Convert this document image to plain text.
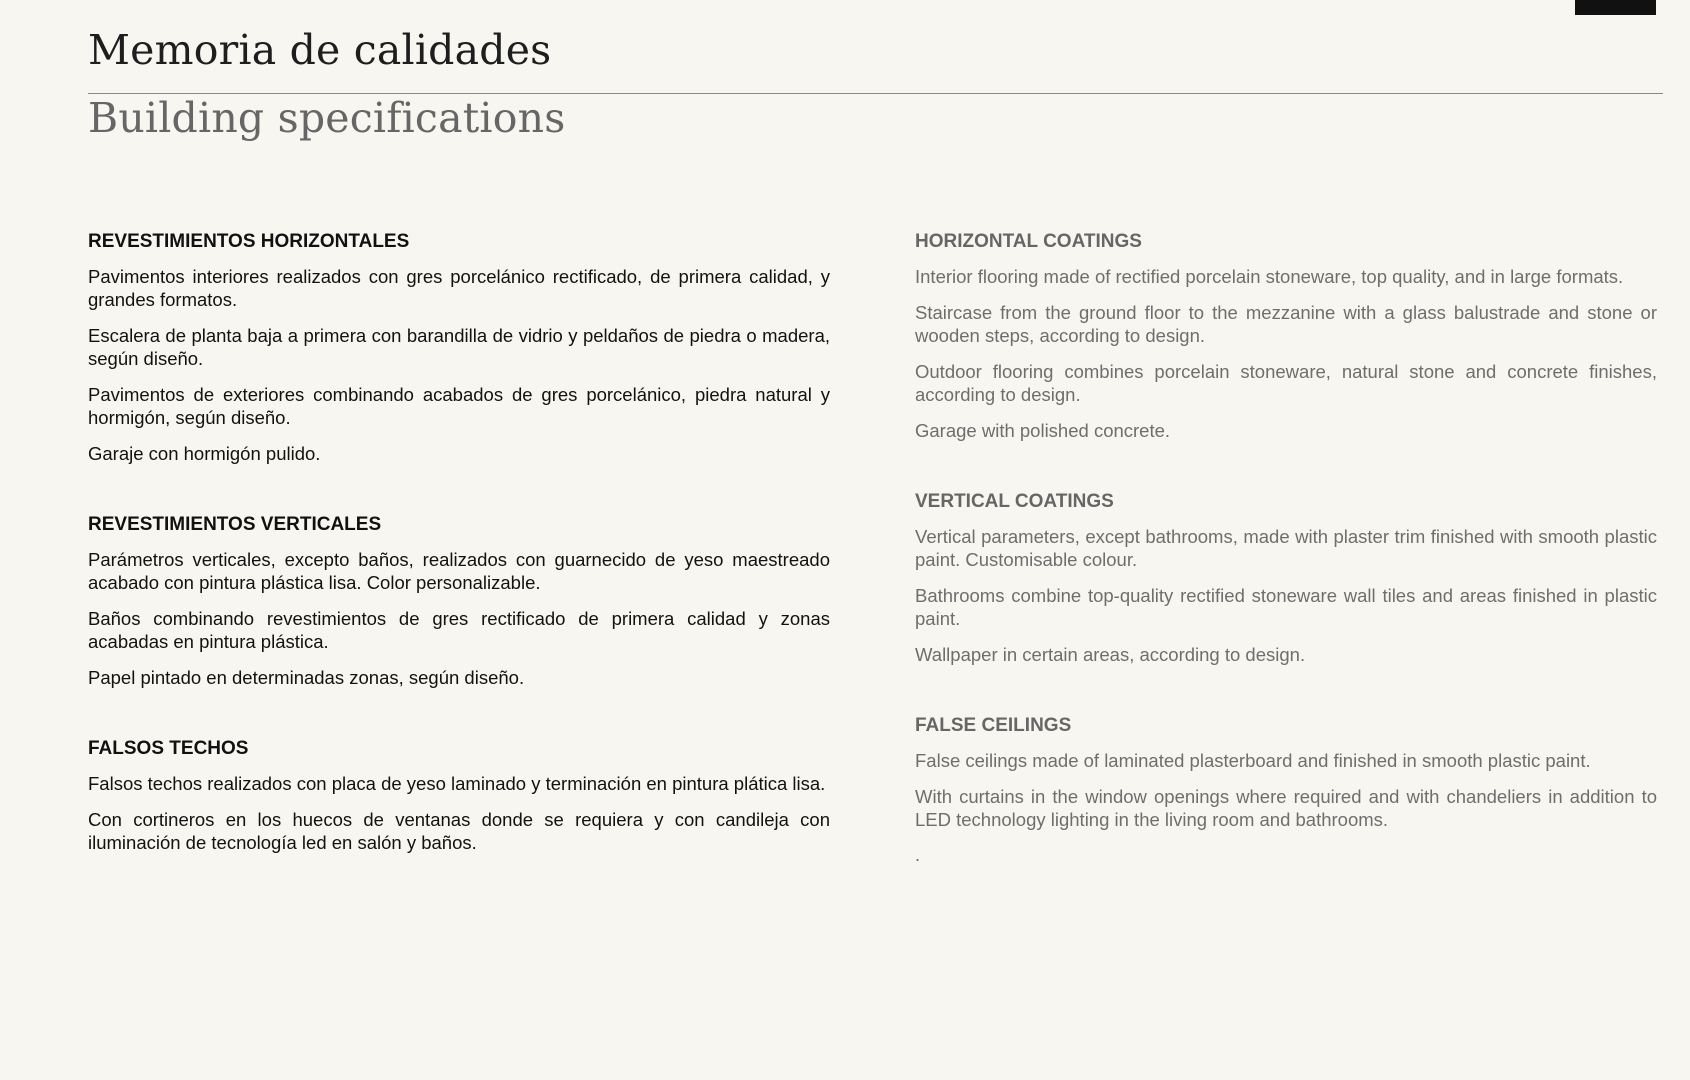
Memoria de calidades
Building specifications
REVESTIMIENTOS HORIZONTALES

Pavimentos interiores realizados con gres porcelánico rectificado, de primera calidad, y grandes formatos.

Escalera de planta baja a primera con barandilla de vidrio y peldaños de piedra o madera, según diseño.

Pavimentos de exteriores combinando acabados de gres porcelánico, piedra natural y hormigón, según diseño.

Garaje con hormigón pulido.

REVESTIMIENTOS VERTICALES

Parámetros verticales, excepto baños, realizados con guarnecido de yeso maestreado acabado con pintura plástica lisa. Color personalizable.

Baños combinando revestimientos de gres rectificado de primera calidad y zonas acabadas en pintura plástica.

Papel pintado en determinadas zonas, según diseño.

FALSOS TECHOS

Falsos techos realizados con placa de yeso laminado y terminación en pintura plática lisa.

Con cortineros en los huecos de ventanas donde se requiera y con candileja con iluminación de tecnología led en salón y baños.

HORIZONTAL COATINGS

Interior flooring made of rectified porcelain stoneware, top quality, and in large formats.

Staircase from the ground floor to the mezzanine with a glass balustrade and stone or wooden steps, according to design.

Outdoor flooring combines porcelain stoneware, natural stone and concrete finishes, according to design.

Garage with polished concrete.

VERTICAL COATINGS

Vertical parameters, except bathrooms, made with plaster trim finished with smooth plastic paint. Customisable colour.

Bathrooms combine top-quality rectified stoneware wall tiles and areas finished in plastic paint.

Wallpaper in certain areas, according to design.

FALSE CEILINGS

False ceilings made of laminated plasterboard and finished in smooth plastic paint.

With curtains in the window openings where required and with chandeliers in addition to LED technology lighting in the living room and bathrooms.

.
